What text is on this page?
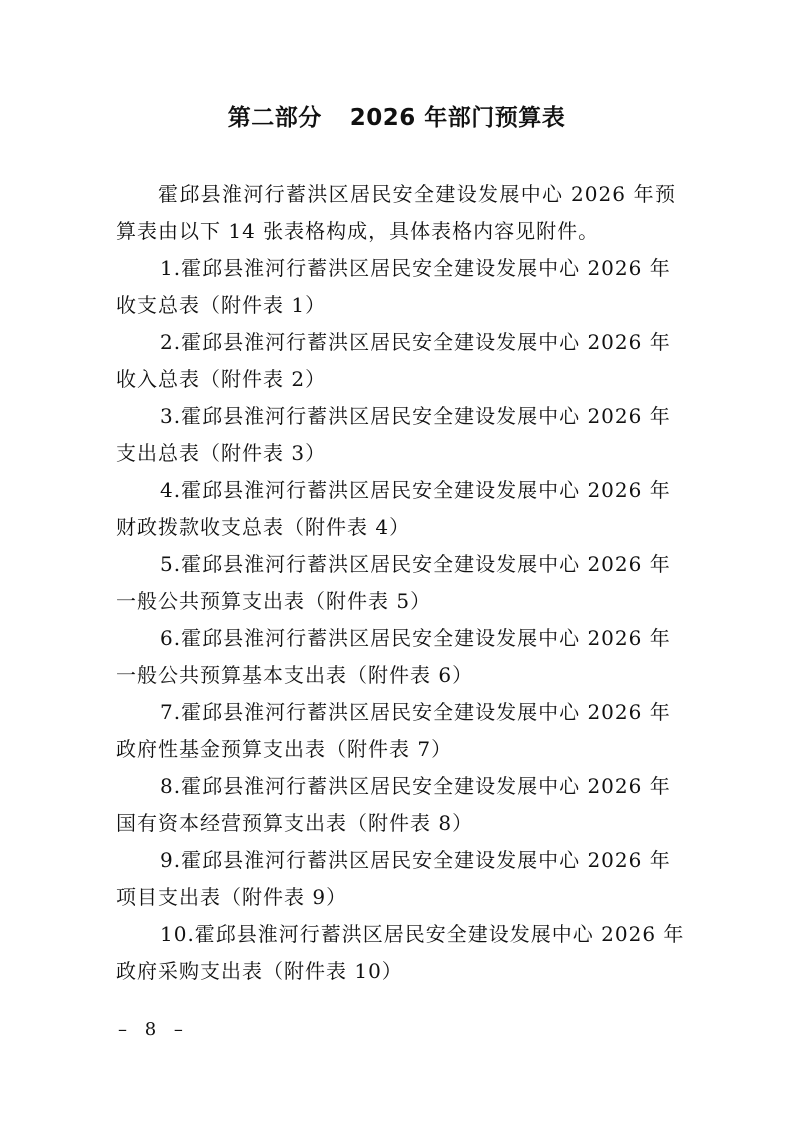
第二部分 2026 年部门预算表

霍邱县淮河行蓄洪区居民安全建设发展中心 2026 年预算表由以下 14 张表格构成，具体表格内容见附件。

1.霍邱县淮河行蓄洪区居民安全建设发展中心 2026 年
收支总表（附件表 1）

2.霍邱县淮河行蓄洪区居民安全建设发展中心 2026 年
收入总表（附件表 2）

3.霍邱县淮河行蓄洪区居民安全建设发展中心 2026 年
支出总表（附件表 3）

4.霍邱县淮河行蓄洪区居民安全建设发展中心 2026 年
财政拨款收支总表（附件表 4）

5.霍邱县淮河行蓄洪区居民安全建设发展中心 2026 年
一般公共预算支出表（附件表 5）

6.霍邱县淮河行蓄洪区居民安全建设发展中心 2026 年
一般公共预算基本支出表（附件表 6）

7.霍邱县淮河行蓄洪区居民安全建设发展中心 2026 年
政府性基金预算支出表（附件表 7）

8.霍邱县淮河行蓄洪区居民安全建设发展中心 2026 年
国有资本经营预算支出表（附件表 8）

9.霍邱县淮河行蓄洪区居民安全建设发展中心 2026 年
项目支出表（附件表 9）

10.霍邱县淮河行蓄洪区居民安全建设发展中心 2026 年
政府采购支出表（附件表 10）

– 8 –
